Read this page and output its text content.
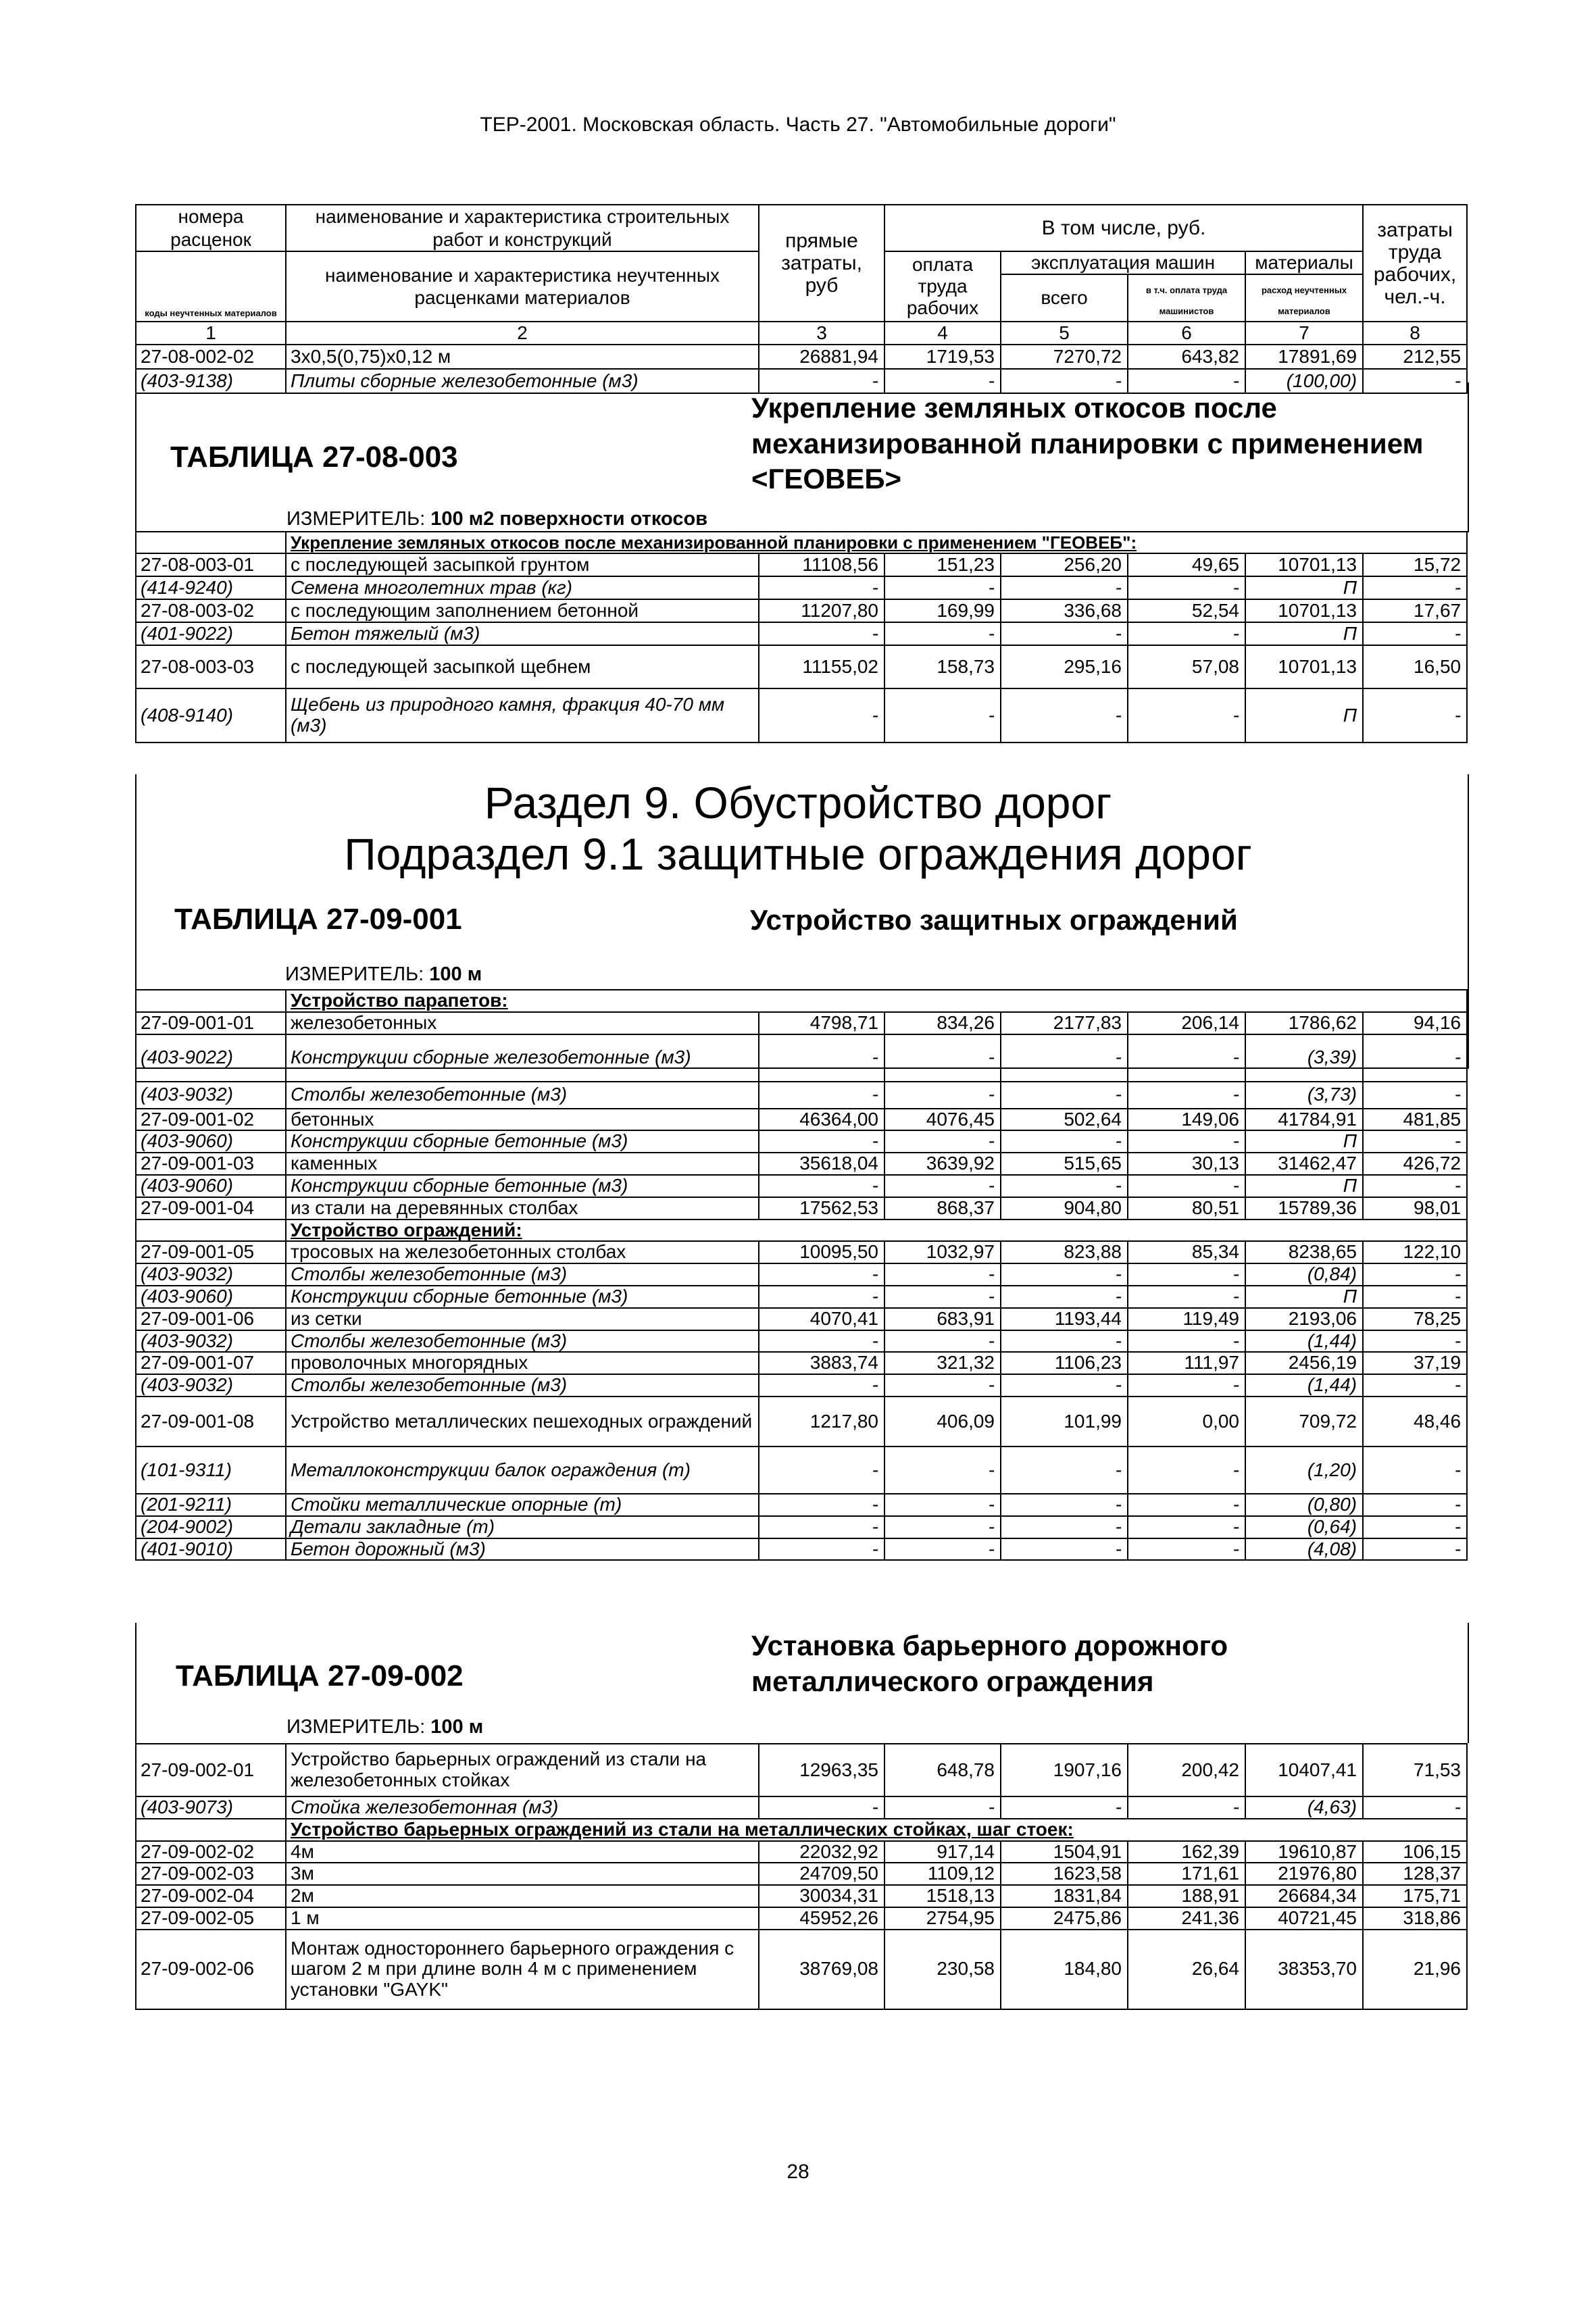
ТЕР-2001. Московская область. Часть 27. "Автомобильные дороги"
номера расценок	наименование и характеристика строительных работ и конструкций	прямые затраты, руб	В том числе, руб.				затраты труда рабочих, чел.-ч.
коды неучтенных материалов	наименование и характеристика неучтенных расценками материалов		оплата труда рабочих	эксплуатация машин		материалы	
				всего	в т.ч. оплата труда машинистов	расход неучтенных материалов	
1	2	3	4	5	6	7	8
27-08-002-02	3х0,5(0,75)х0,12 м	26881,94	1719,53	7270,72	643,82	17891,69	212,55
(403-9138)	Плиты сборные железобетонные (м3)	-	-	-	-	(100,00)	-
ТАБЛИЦА 27-08-003
Укрепление земляных откосов после
механизированной планировки с применением
<ГЕОВЕБ>
ИЗМЕРИТЕЛЬ: 100 м2 поверхности откосов
	Укрепление земляных откосов после механизированной планировки с применением "ГЕОВЕБ":						
27-08-003-01	с последующей засыпкой грунтом	11108,56	151,23	256,20	49,65	10701,13	15,72
(414-9240)	Семена многолетних трав (кг)	-	-	-	-	П	-
27-08-003-02	с последующим заполнением бетонной	11207,80	169,99	336,68	52,54	10701,13	17,67
(401-9022)	Бетон тяжелый (м3)	-	-	-	-	П	-
27-08-003-03	с последующей засыпкой щебнем	11155,02	158,73	295,16	57,08	10701,13	16,50
(408-9140)	Щебень из природного камня, фракция 40-70 мм (м3)	-	-	-	-	П	-
Раздел 9. Обустройство дорог
Подраздел 9.1 защитные ограждения дорог
ТАБЛИЦА 27-09-001	Устройство защитных ограждений
ИЗМЕРИТЕЛЬ: 100 м
	Устройство парапетов:						
27-09-001-01	железобетонных	4798,71	834,26	2177,83	206,14	1786,62	94,16
(403-9022)	Конструкции сборные железобетонные (м3)	-	-	-	-	(3,39)	-
(403-9032)	Столбы железобетонные (м3)	-	-	-	-	(3,73)	-
27-09-001-02	бетонных	46364,00	4076,45	502,64	149,06	41784,91	481,85
(403-9060)	Конструкции сборные бетонные (м3)	-	-	-	-	П	-
27-09-001-03	каменных	35618,04	3639,92	515,65	30,13	31462,47	426,72
(403-9060)	Конструкции сборные бетонные (м3)	-	-	-	-	П	-
27-09-001-04	из стали на деревянных столбах	17562,53	868,37	904,80	80,51	15789,36	98,01
	Устройство ограждений:						
27-09-001-05	тросовых на железобетонных столбах	10095,50	1032,97	823,88	85,34	8238,65	122,10
(403-9032)	Столбы железобетонные (м3)	-	-	-	-	(0,84)	-
(403-9060)	Конструкции сборные бетонные (м3)	-	-	-	-	П	-
27-09-001-06	из сетки	4070,41	683,91	1193,44	119,49	2193,06	78,25
(403-9032)	Столбы железобетонные (м3)	-	-	-	-	(1,44)	-
27-09-001-07	проволочных многорядных	3883,74	321,32	1106,23	111,97	2456,19	37,19
(403-9032)	Столбы железобетонные (м3)	-	-	-	-	(1,44)	-
27-09-001-08	Устройство металлических пешеходных ограждений	1217,80	406,09	101,99	0,00	709,72	48,46
(101-9311)	Металлоконструкции балок ограждения (т)	-	-	-	-	(1,20)	-
(201-9211)	Стойки металлические опорные (т)	-	-	-	-	(0,80)	-
(204-9002)	Детали закладные (т)	-	-	-	-	(0,64)	-
(401-9010)	Бетон дорожный (м3)	-	-	-	-	(4,08)	-
ТАБЛИЦА 27-09-002
Установка барьерного дорожного
металлического ограждения
ИЗМЕРИТЕЛЬ: 100 м
27-09-002-01	Устройство барьерных ограждений из стали на железобетонных стойках	12963,35	648,78	1907,16	200,42	10407,41	71,53
(403-9073)	Стойка железобетонная (м3)	-	-	-	-	(4,63)	-
	Устройство барьерных ограждений из стали на металлических стойках, шаг стоек:						
27-09-002-02	4м	22032,92	917,14	1504,91	162,39	19610,87	106,15
27-09-002-03	3м	24709,50	1109,12	1623,58	171,61	21976,80	128,37
27-09-002-04	2м	30034,31	1518,13	1831,84	188,91	26684,34	175,71
27-09-002-05	1 м	45952,26	2754,95	2475,86	241,36	40721,45	318,86
27-09-002-06	Монтаж одностороннего барьерного ограждения с шагом 2 м при длине волн 4 м с применением установки "GAYK"	38769,08	230,58	184,80	26,64	38353,70	21,96
28
